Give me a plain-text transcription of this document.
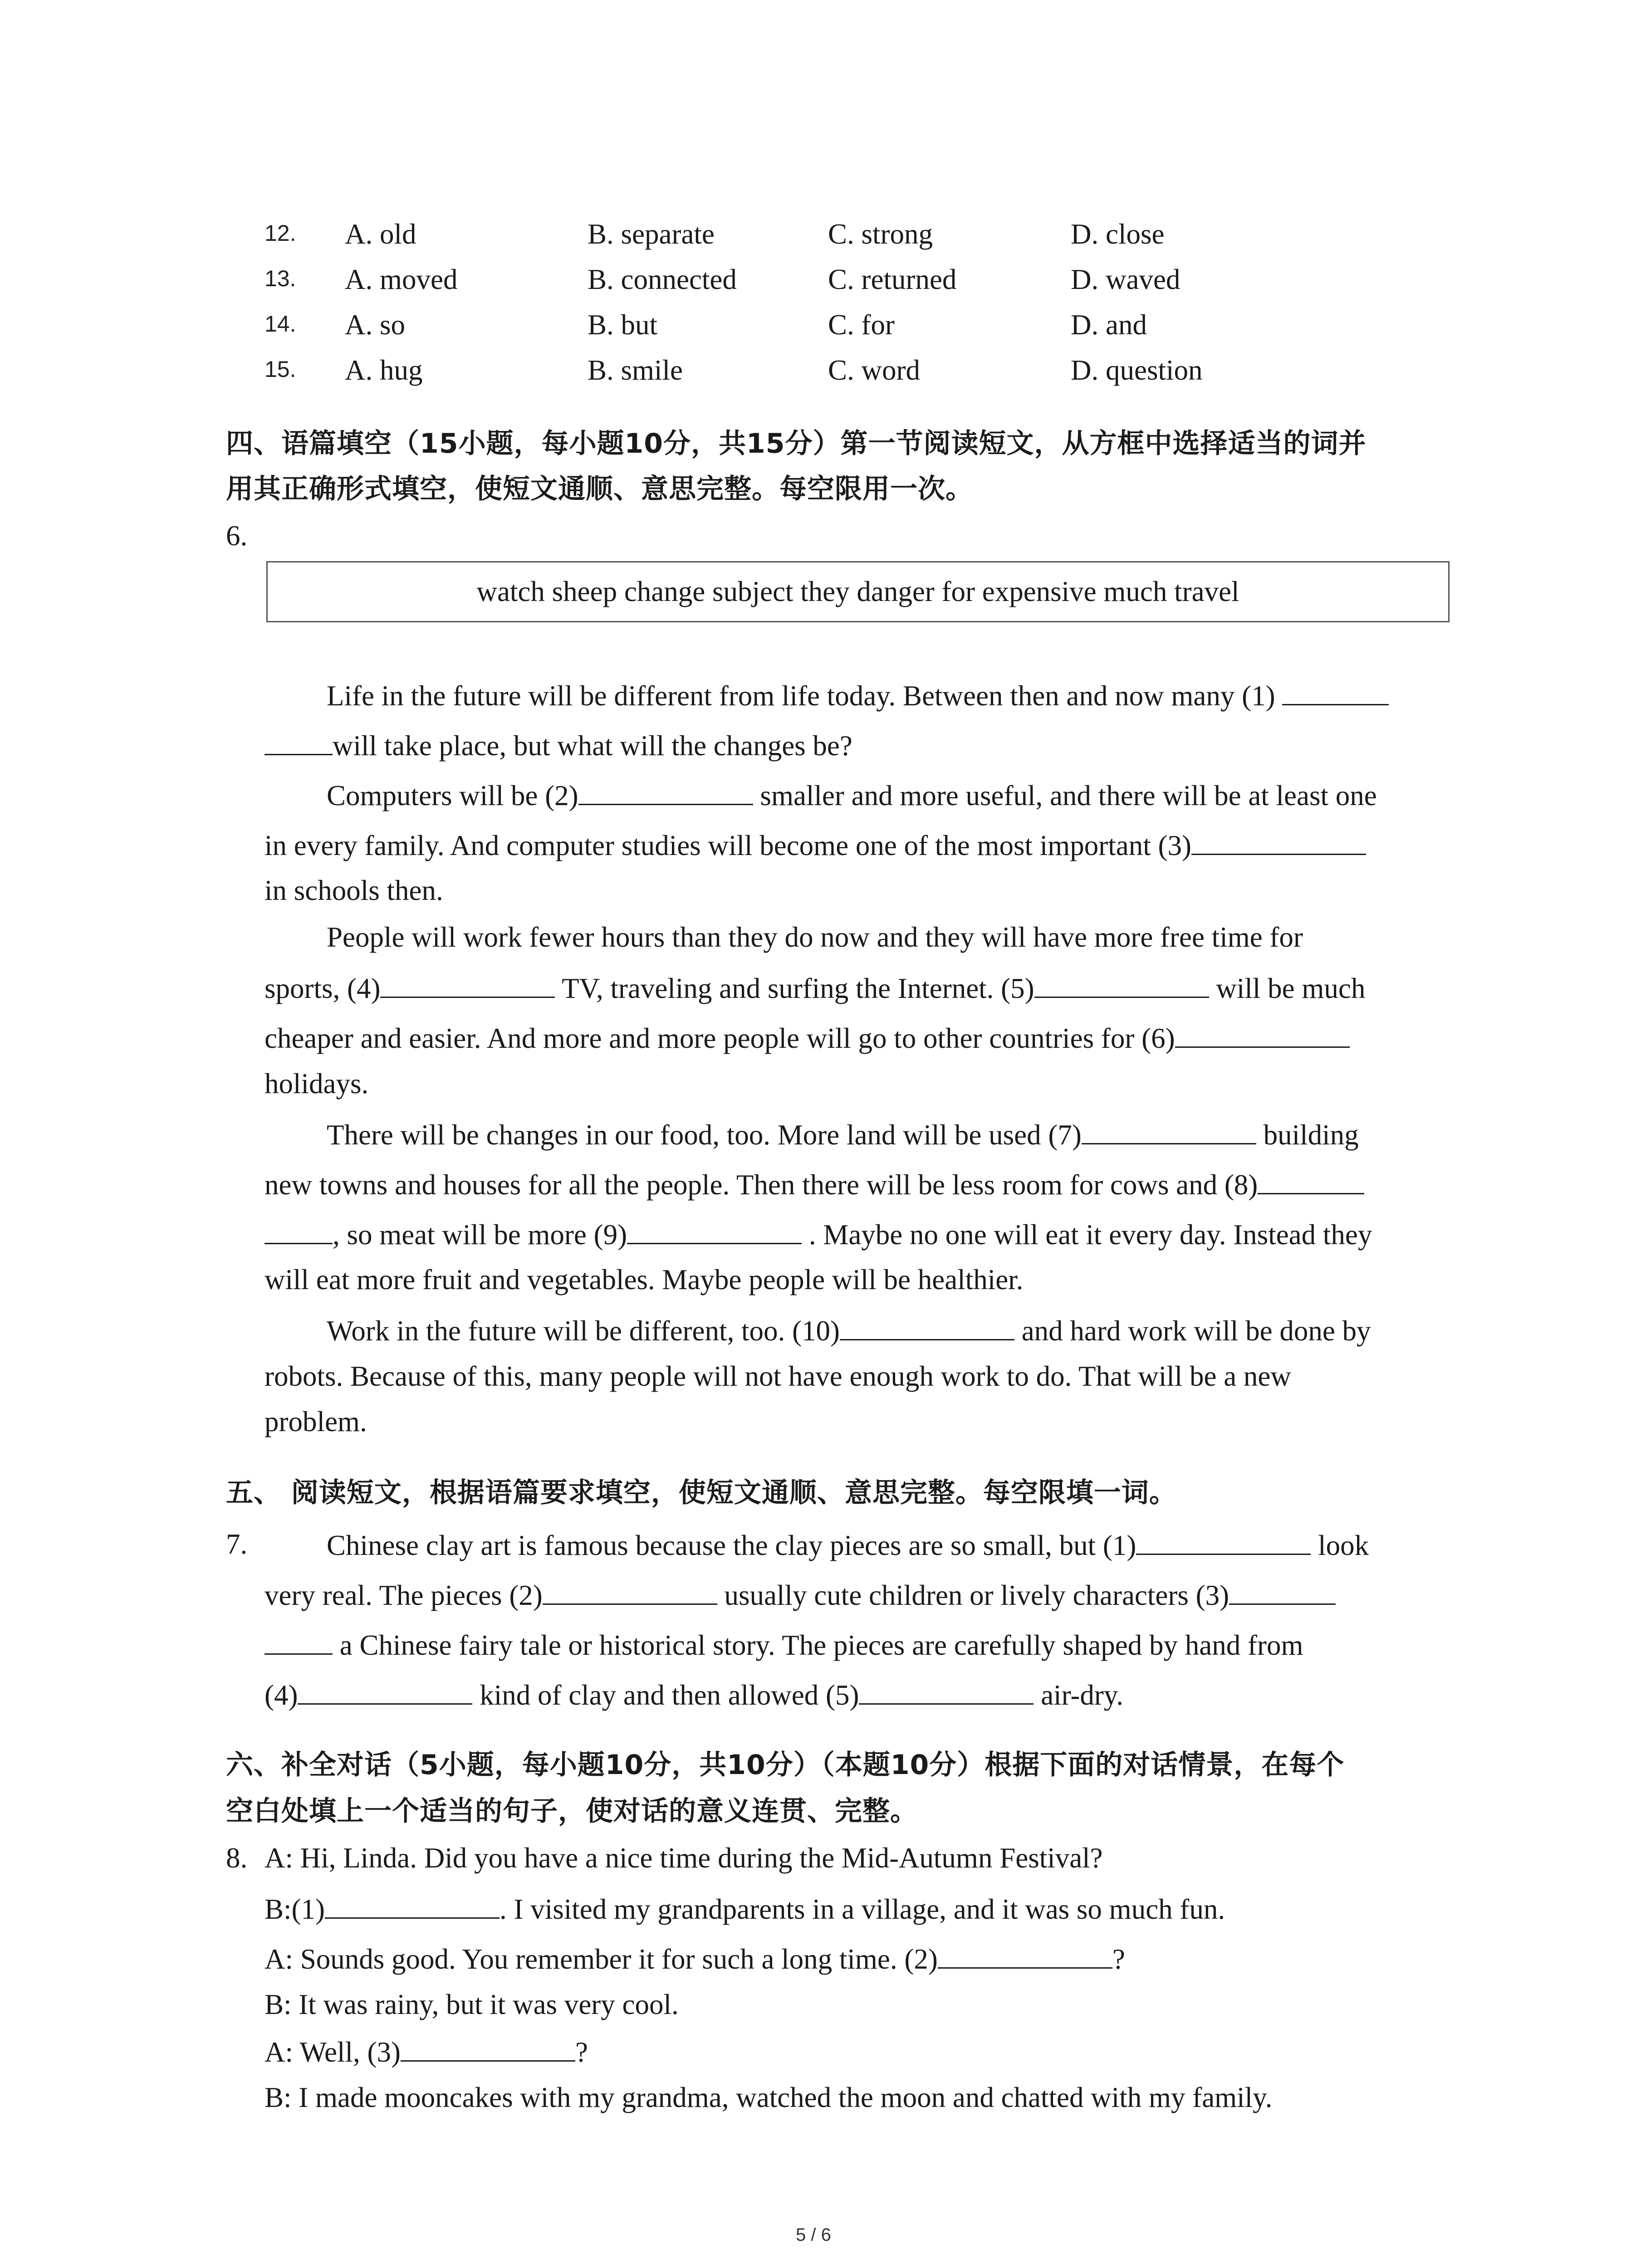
12. A. old	B. separate	C. strong	D. close
13. A. moved	B. connected	C. returned	D. waved
14. A. so	B. but	C. for	D. and
15. A. hug	B. smile	C. word	D. question
四、语篇填空（15小题，每小题10分，共15分）第一节阅读短文，从方框中选择适当的词并
用其正确形式填空，使短文通顺、意思完整。每空限用一次。
6.
watch sheep change subject they danger for expensive much travel
Life in the future will be different from life today. Between then and now many (1)
will take place, but what will the changes be?
Computers will be (2)	smaller and more useful, and there will be at least one
in every family. And computer studies will become one of the most important (3)
in schools then.
People will work fewer hours than they do now and they will have more free time for
sports, (4)	TV, traveling and surfing the Internet. (5)	will be much
cheaper and easier. And more and more people will go to other countries for (6)
holidays.
There will be changes in our food, too. More land will be used (7)	building
new towns and houses for all the people. Then there will be less room for cows and (8)
, so meat will be more (9)	. Maybe no one will eat it every day. Instead they
will eat more fruit and vegetables. Maybe people will be healthier.
Work in the future will be different, too. (10)	and hard work will be done by
robots. Because of this, many people will not have enough work to do. That will be a new
problem.
五、 阅读短文，根据语篇要求填空，使短文通顺、意思完整。每空限填一词。
7.	Chinese clay art is famous because the clay pieces are so small, but (1)	look
very real. The pieces (2)	usually cute children or lively characters (3)
a Chinese fairy tale or historical story. The pieces are carefully shaped by hand from
(4)	kind of clay and then allowed (5)	air-dry.
六、补全对话（5小题，每小题10分，共10分）（本题10分）根据下面的对话情景，在每个
空白处填上一个适当的句子，使对话的意义连贯、完整。
8. A: Hi, Linda. Did you have a nice time during the Mid-Autumn Festival?
B:(1)	. I visited my grandparents in a village, and it was so much fun.
A: Sounds good. You remember it for such a long time. (2)	?
B: It was rainy, but it was very cool.
A: Well, (3)	?
B: I made mooncakes with my grandma, watched the moon and chatted with my family.
5 / 6
